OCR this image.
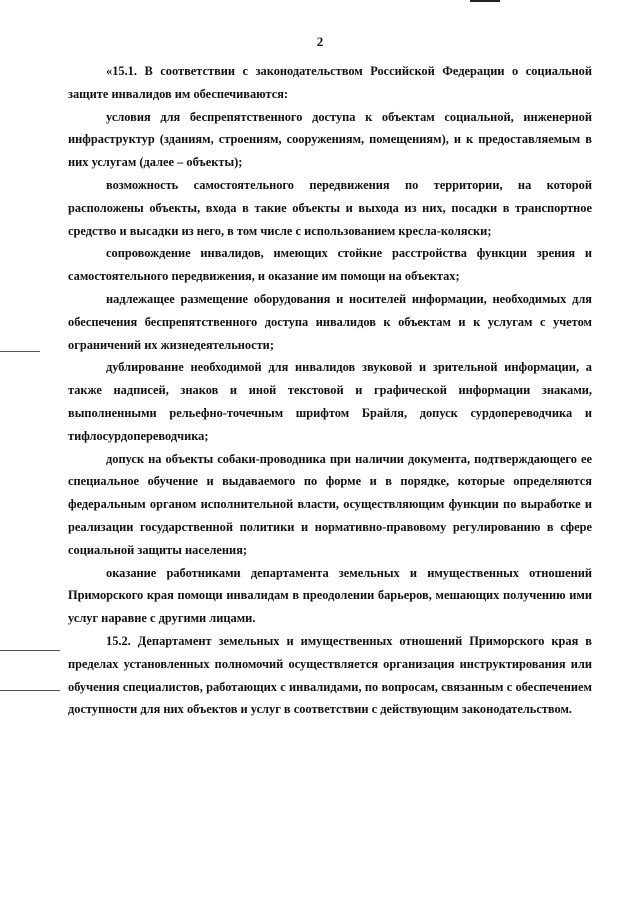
2

«15.1. В соответствии с законодательством Российской Федерации о социальной защите инвалидов им обеспечиваются:

условия для беспрепятственного доступа к объектам социальной, инженерной инфраструктур (зданиям, строениям, сооружениям, помещениям), и к предоставляемым в них услугам (далее – объекты);

возможность самостоятельного передвижения по территории, на которой расположены объекты, входа в такие объекты и выхода из них, посадки в транспортное средство и высадки из него, в том числе с использованием кресла-коляски;

сопровождение инвалидов, имеющих стойкие расстройства функции зрения и самостоятельного передвижения, и оказание им помощи на объектах;

надлежащее размещение оборудования и носителей информации, необходимых для обеспечения беспрепятственного доступа инвалидов к объектам и к услугам с учетом ограничений их жизнедеятельности;

дублирование необходимой для инвалидов звуковой и зрительной информации, а также надписей, знаков и иной текстовой и графической информации знаками, выполненными рельефно-точечным шрифтом Брайля, допуск сурдопереводчика и тифлосурдопереводчика;

допуск на объекты собаки-проводника при наличии документа, подтверждающего ее специальное обучение и выдаваемого по форме и в порядке, которые определяются федеральным органом исполнительной власти, осуществляющим функции по выработке и реализации государственной политики и нормативно-правовому регулированию в сфере социальной защиты населения;

оказание работниками департамента земельных и имущественных отношений Приморского края помощи инвалидам в преодолении барьеров, мешающих получению ими услуг наравне с другими лицами.

15.2. Департамент земельных и имущественных отношений Приморского края в пределах установленных полномочий осуществляется организация инструктирования или обучения специалистов, работающих с инвалидами, по вопросам, связанным с обеспечением доступности для них объектов и услуг в соответствии с действующим законодательством.
